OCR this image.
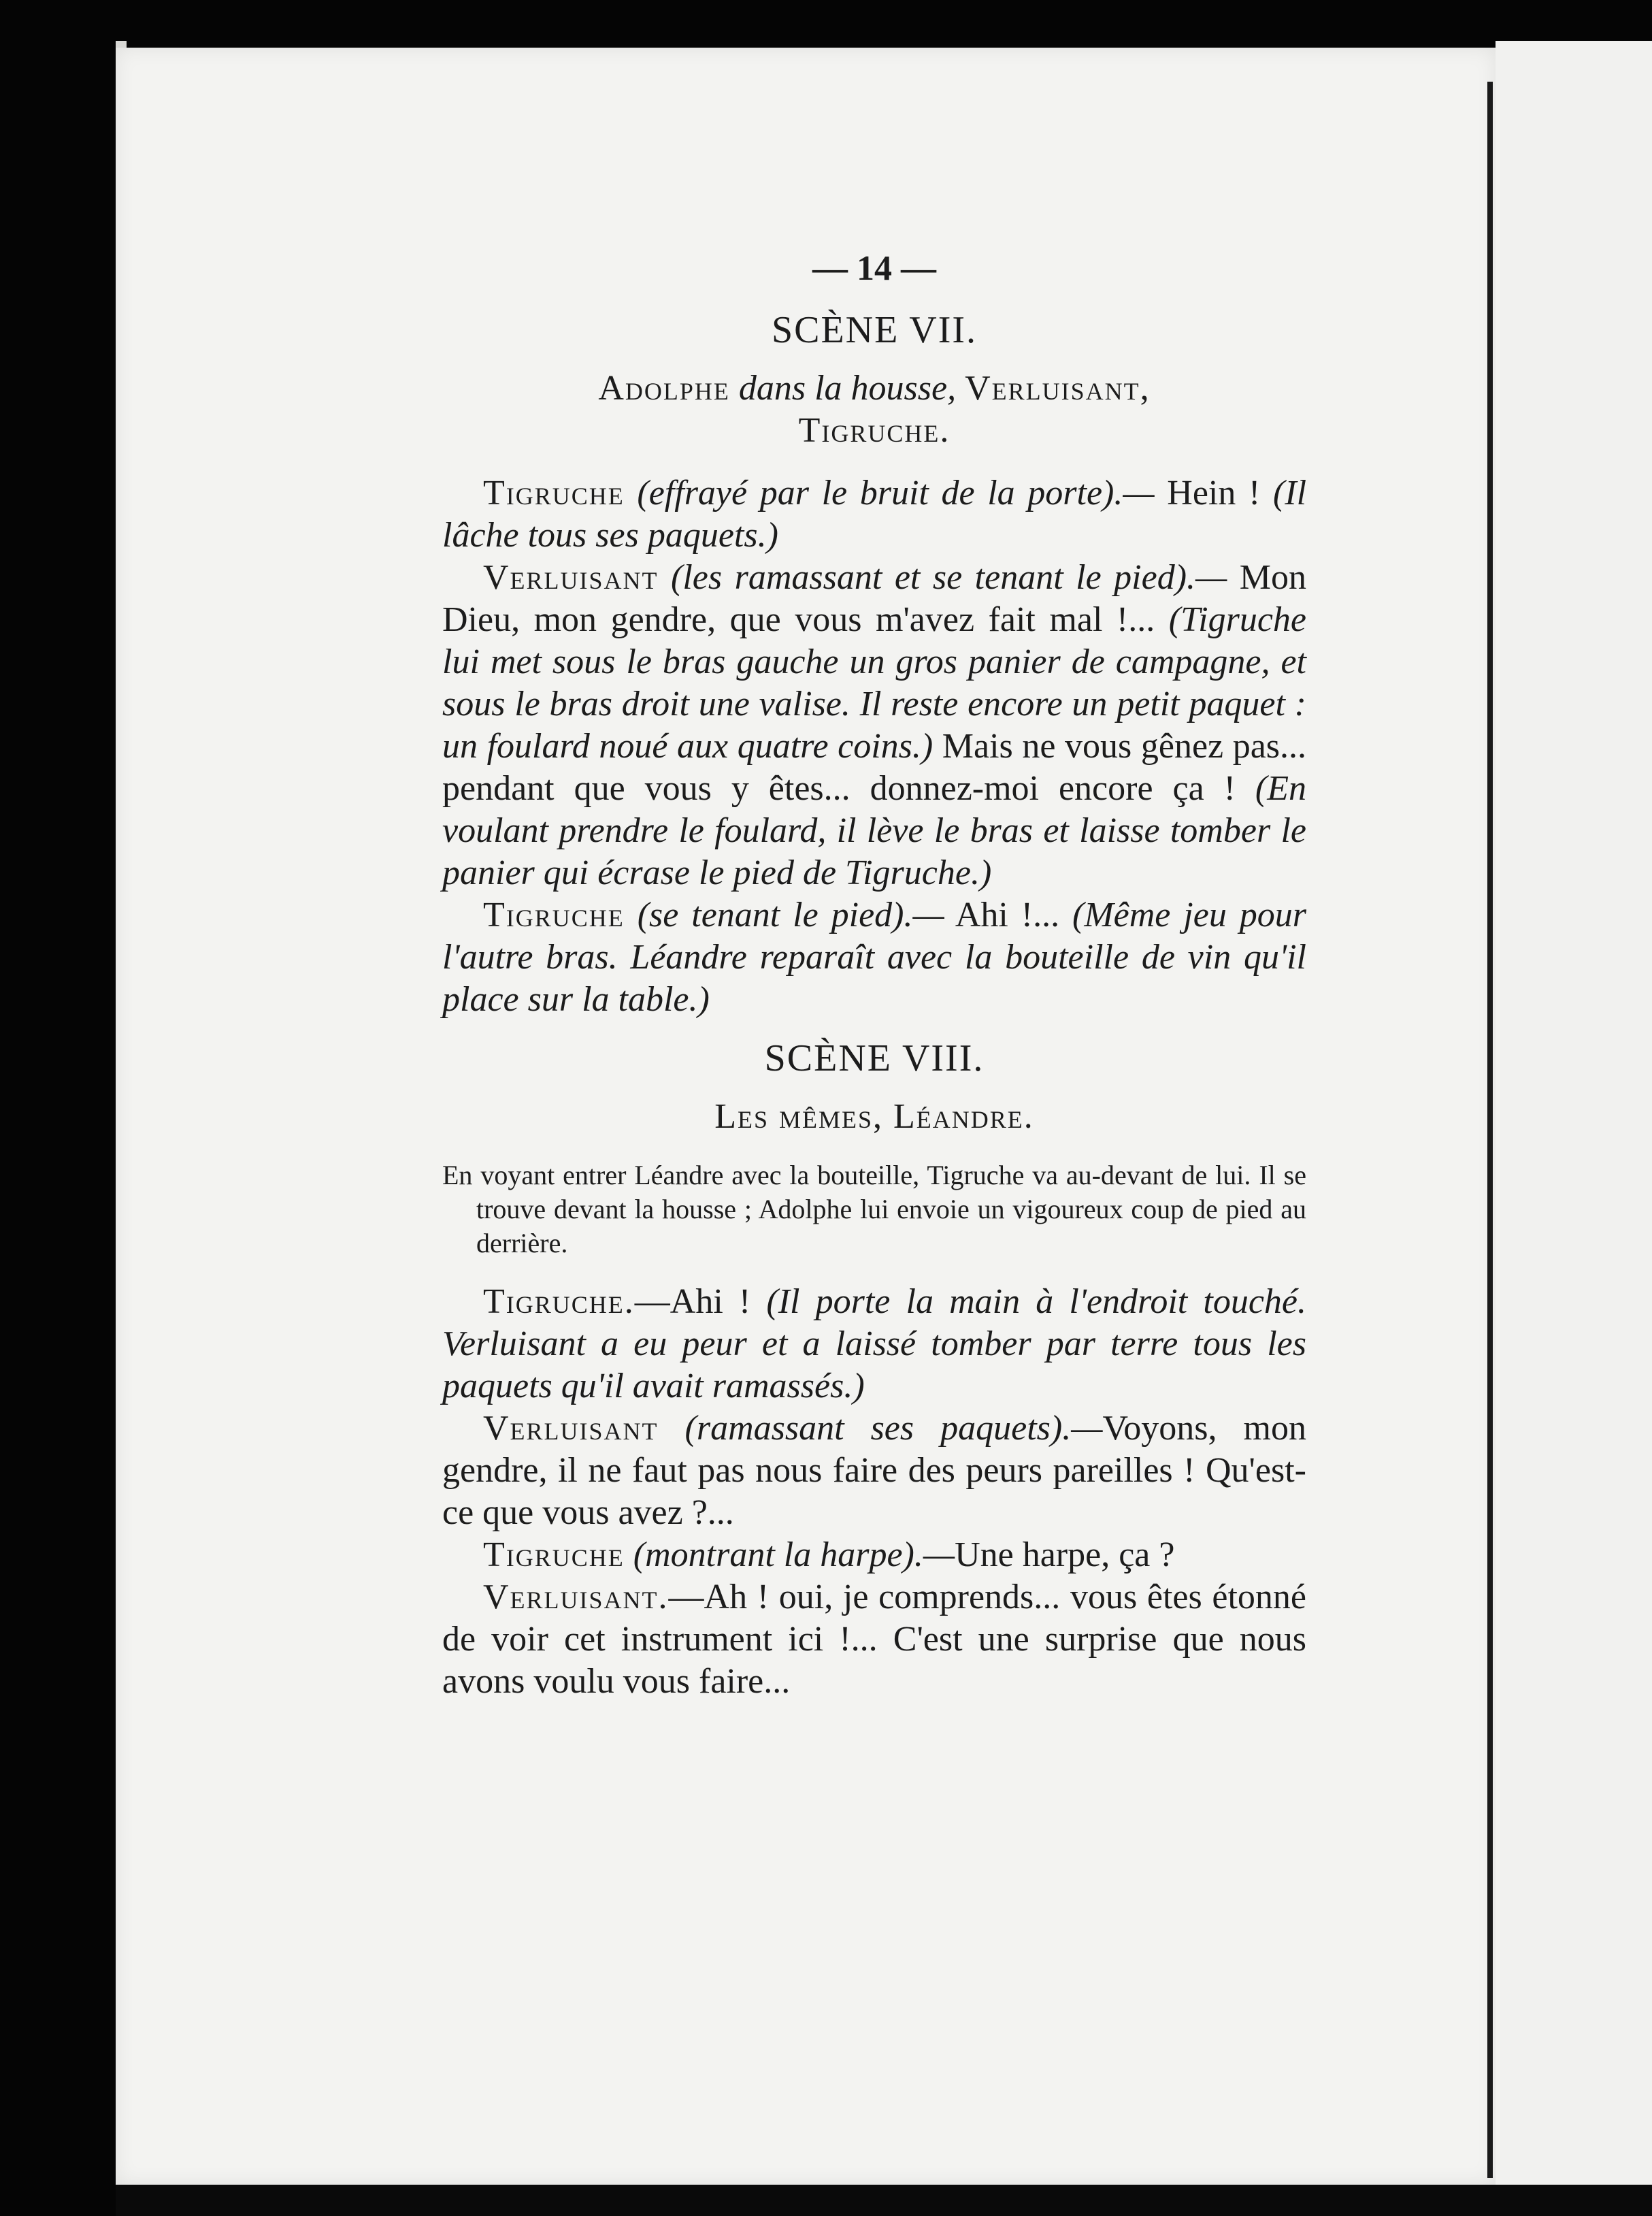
— 14 —

SCÈNE VII.

Adolphe dans la housse, Verluisant,
Tigruche.

Tigruche (effrayé par le bruit de la porte).— Hein ! (Il lâche tous ses paquets.)

Verluisant (les ramassant et se tenant le pied).— Mon Dieu, mon gendre, que vous m'avez fait mal !... (Tigruche lui met sous le bras gauche un gros panier de campagne, et sous le bras droit une valise. Il reste encore un petit paquet : un foulard noué aux quatre coins.) Mais ne vous gênez pas... pendant que vous y êtes... donnez-moi encore ça ! (En voulant prendre le foulard, il lève le bras et laisse tomber le panier qui écrase le pied de Tigruche.)

Tigruche (se tenant le pied).— Ahi !... (Même jeu pour l'autre bras. Léandre reparaît avec la bouteille de vin qu'il place sur la table.)

SCÈNE VIII.

Les mêmes, Léandre.

En voyant entrer Léandre avec la bouteille, Tigruche va au-devant de lui. Il se trouve devant la housse ; Adolphe lui envoie un vigoureux coup de pied au derrière.

Tigruche.—Ahi ! (Il porte la main à l'endroit touché. Verluisant a eu peur et a laissé tomber par terre tous les paquets qu'il avait ramassés.)

Verluisant (ramassant ses paquets).—Voyons, mon gendre, il ne faut pas nous faire des peurs pareilles ! Qu'est-ce que vous avez ?...

Tigruche (montrant la harpe).—Une harpe, ça ?

Verluisant.—Ah ! oui, je comprends... vous êtes étonné de voir cet instrument ici !... C'est une surprise que nous avons voulu vous faire...
